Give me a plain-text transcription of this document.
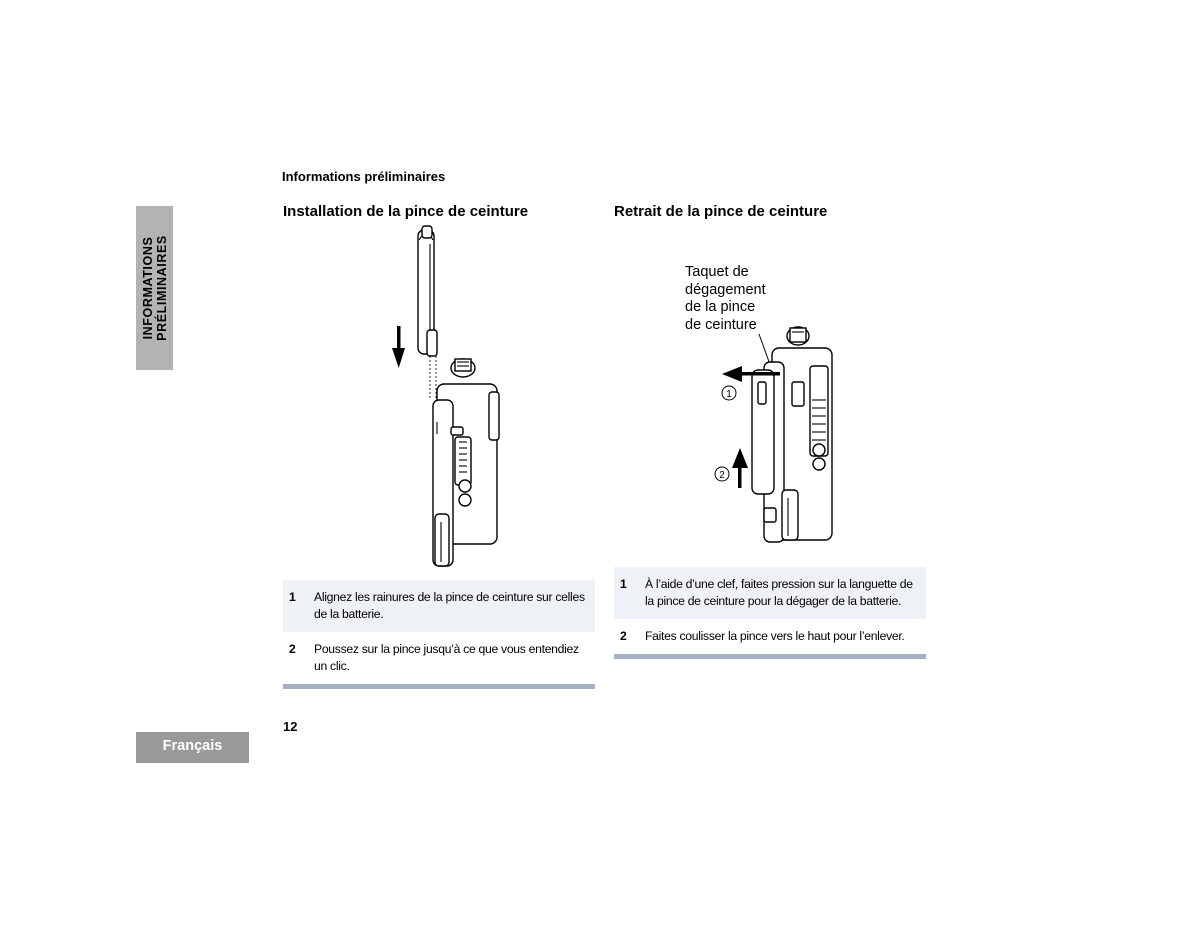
Informations préliminaires
INFORMATIONS
PRÉLIMINAIRES
Installation de la pince de ceinture
1	Alignez les rainures de la pince de ceinture sur celles de la batterie.
2	Poussez sur la pince jusqu’à ce que vous entendiez un clic.
Retrait de la pince de ceinture
Taquet de
dégagement
de la pince
de ceinture
1
2
1	À l’aide d’une clef, faites pression sur la languette de la pince de ceinture pour la dégager de la batterie.
2	Faites coulisser la pince vers le haut pour l’enlever.
12
Français
